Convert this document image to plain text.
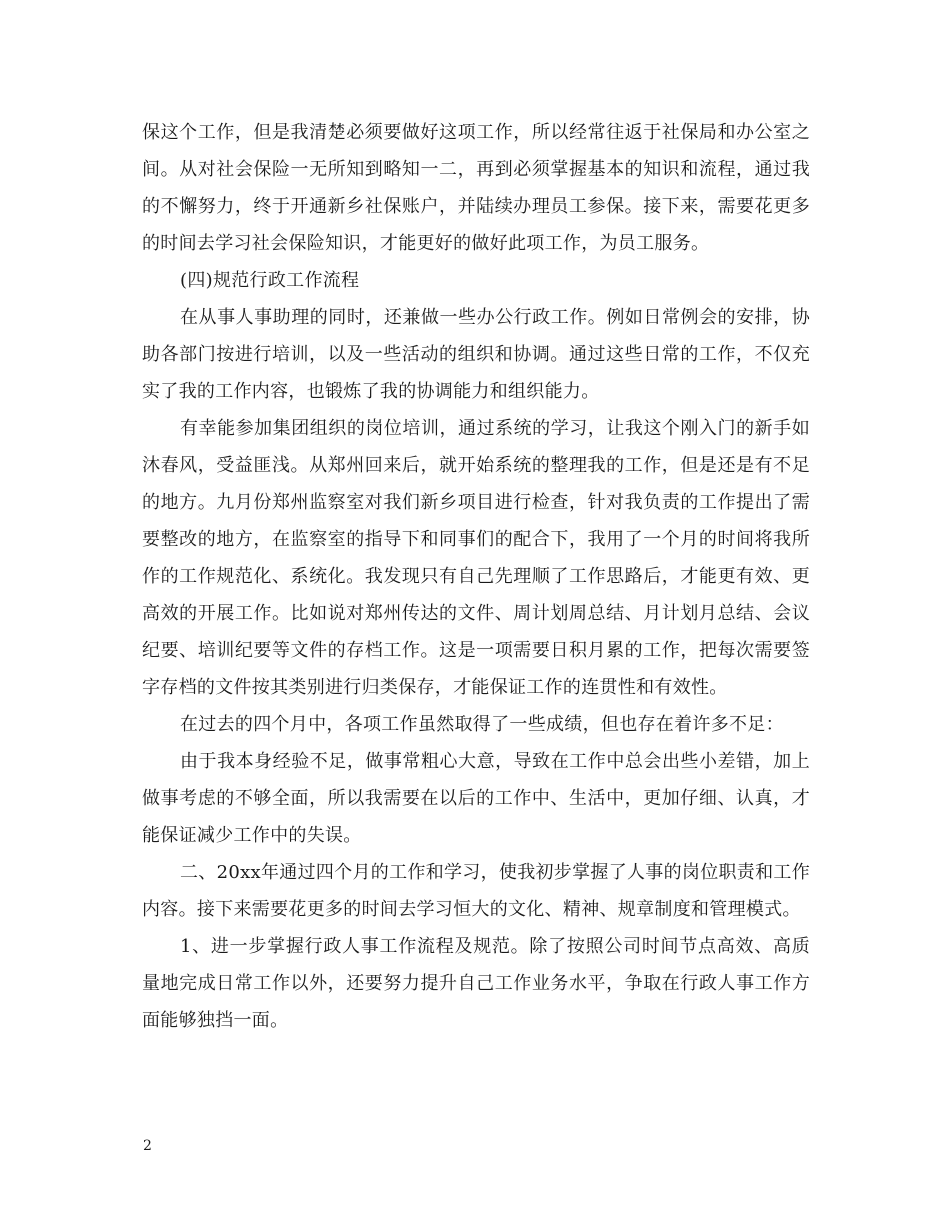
保这个工作，但是我清楚必须要做好这项工作，所以经常往返于社保局和办公室之间。从对社会保险一无所知到略知一二，再到必须掌握基本的知识和流程，通过我的不懈努力，终于开通新乡社保账户，并陆续办理员工参保。接下来，需要花更多的时间去学习社会保险知识，才能更好的做好此项工作，为员工服务。

(四)规范行政工作流程

在从事人事助理的同时，还兼做一些办公行政工作。例如日常例会的安排，协助各部门按进行培训，以及一些活动的组织和协调。通过这些日常的工作，不仅充实了我的工作内容，也锻炼了我的协调能力和组织能力。

有幸能参加集团组织的岗位培训，通过系统的学习，让我这个刚入门的新手如沐春风，受益匪浅。从郑州回来后，就开始系统的整理我的工作，但是还是有不足的地方。九月份郑州监察室对我们新乡项目进行检查，针对我负责的工作提出了需要整改的地方，在监察室的指导下和同事们的配合下，我用了一个月的时间将我所作的工作规范化、系统化。我发现只有自己先理顺了工作思路后，才能更有效、更高效的开展工作。比如说对郑州传达的文件、周计划周总结、月计划月总结、会议纪要、培训纪要等文件的存档工作。这是一项需要日积月累的工作，把每次需要签字存档的文件按其类别进行归类保存，才能保证工作的连贯性和有效性。

在过去的四个月中，各项工作虽然取得了一些成绩，但也存在着许多不足：

由于我本身经验不足，做事常粗心大意，导致在工作中总会出些小差错，加上做事考虑的不够全面，所以我需要在以后的工作中、生活中，更加仔细、认真，才能保证减少工作中的失误。

二、20xx年通过四个月的工作和学习，使我初步掌握了人事的岗位职责和工作内容。接下来需要花更多的时间去学习恒大的文化、精神、规章制度和管理模式。

1、进一步掌握行政人事工作流程及规范。除了按照公司时间节点高效、高质量地完成日常工作以外，还要努力提升自己工作业务水平，争取在行政人事工作方面能够独挡一面。

2
